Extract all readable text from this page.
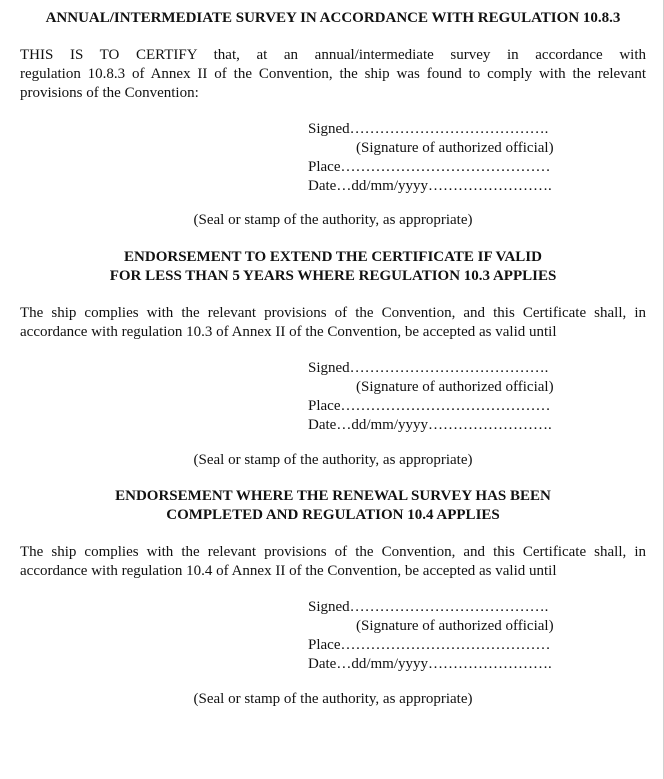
ANNUAL/INTERMEDIATE SURVEY IN ACCORDANCE WITH REGULATION 10.8.3
THIS IS TO CERTIFY that, at an annual/intermediate survey in accordance with
regulation 10.8.3 of Annex II of the Convention, the ship was found to comply with the relevant
provisions of the Convention:
Signed………………………………….
(Signature of authorized official)
Place……………………………………
Date…dd/mm/yyyy…………………….
(Seal or stamp of the authority, as appropriate)
ENDORSEMENT TO EXTEND THE CERTIFICATE IF VALID
FOR LESS THAN 5 YEARS WHERE REGULATION 10.3 APPLIES
The ship complies with the relevant provisions of the Convention, and this Certificate shall, in
accordance with regulation 10.3 of Annex II of the Convention, be accepted as valid until
Signed………………………………….
(Signature of authorized official)
Place……………………………………
Date…dd/mm/yyyy…………………….
(Seal or stamp of the authority, as appropriate)
ENDORSEMENT WHERE THE RENEWAL SURVEY HAS BEEN
COMPLETED AND REGULATION 10.4 APPLIES
The ship complies with the relevant provisions of the Convention, and this Certificate shall, in
accordance with regulation 10.4 of Annex II of the Convention, be accepted as valid until
Signed………………………………….
(Signature of authorized official)
Place……………………………………
Date…dd/mm/yyyy…………………….
(Seal or stamp of the authority, as appropriate)
